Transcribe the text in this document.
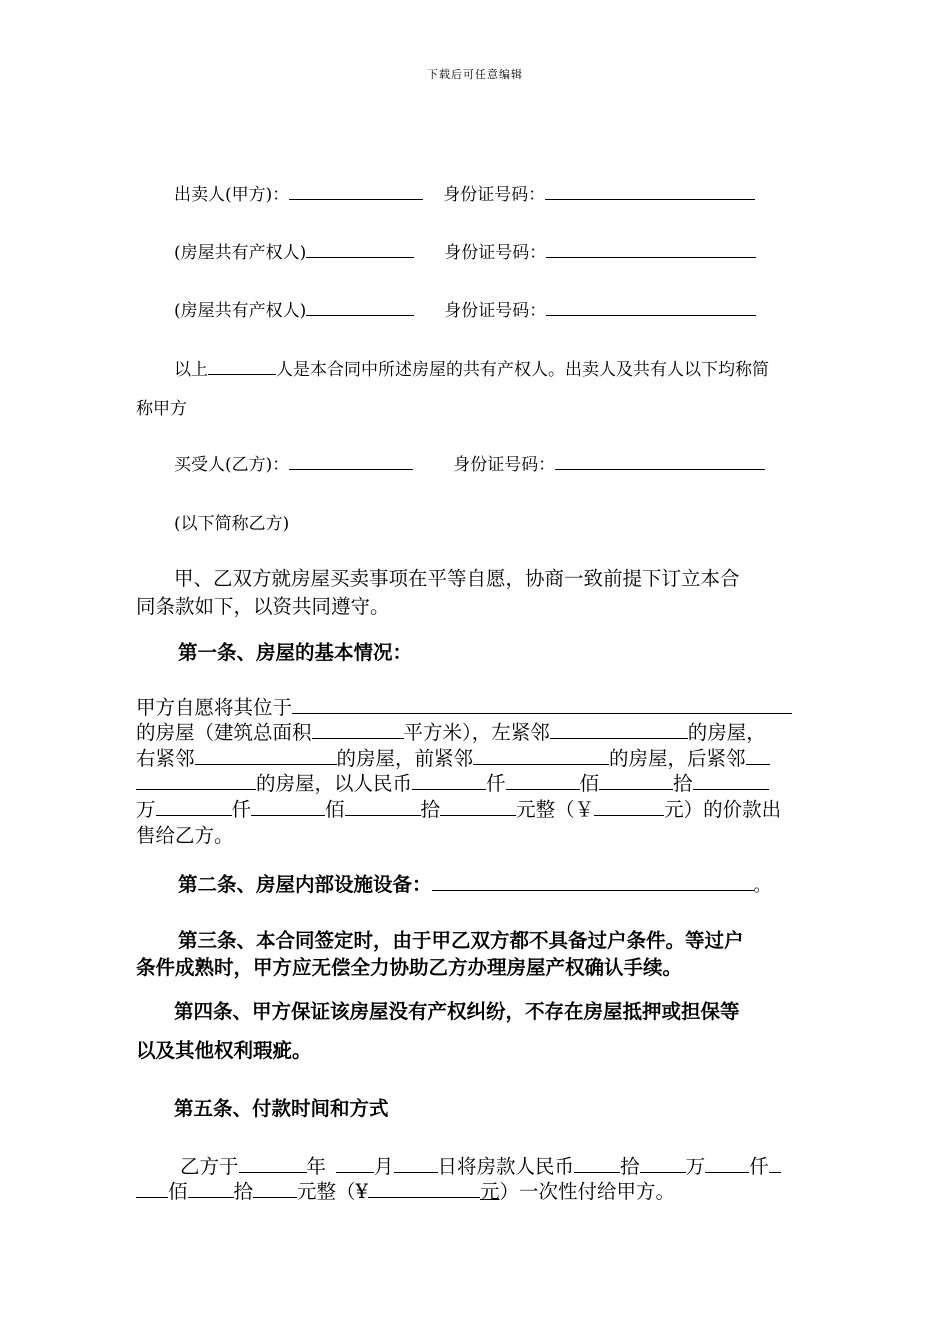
下载后可任意编辑
出卖人(甲方)：	身份证号码：
(房屋共有产权人)	身份证号码：
(房屋共有产权人)	身份证号码：
以上	人是本合同中所述房屋的共有产权人。出卖人及共有人以下均称简
称甲方
买受人(乙方)：	身份证号码：
(以下简称乙方)
甲、乙双方就房屋买卖事项在平等自愿，协商一致前提下订立本合
同条款如下，以资共同遵守。
第一条、房屋的基本情况：
甲方自愿将其位于
的房屋（建筑总面积	平方米），左紧邻	的房屋，
右紧邻	的房屋，前紧邻	的房屋，后紧邻
的房屋，以人民币	仟	佰	拾
万	仟	佰	拾	元整（￥	元）的价款出
售给乙方。
第二条、房屋内部设施设备：	。
第三条、本合同签定时，由于甲乙双方都不具备过户条件。等过户
条件成熟时，甲方应无偿全力协助乙方办理房屋产权确认手续。
第四条、甲方保证该房屋没有产权纠纷，不存在房屋抵押或担保等
以及其他权利瑕疵。
第五条、付款时间和方式
乙方于	年 月 日将房款人民币 拾 万 仟
佰 拾 元整（¥	元）一次性付给甲方。
